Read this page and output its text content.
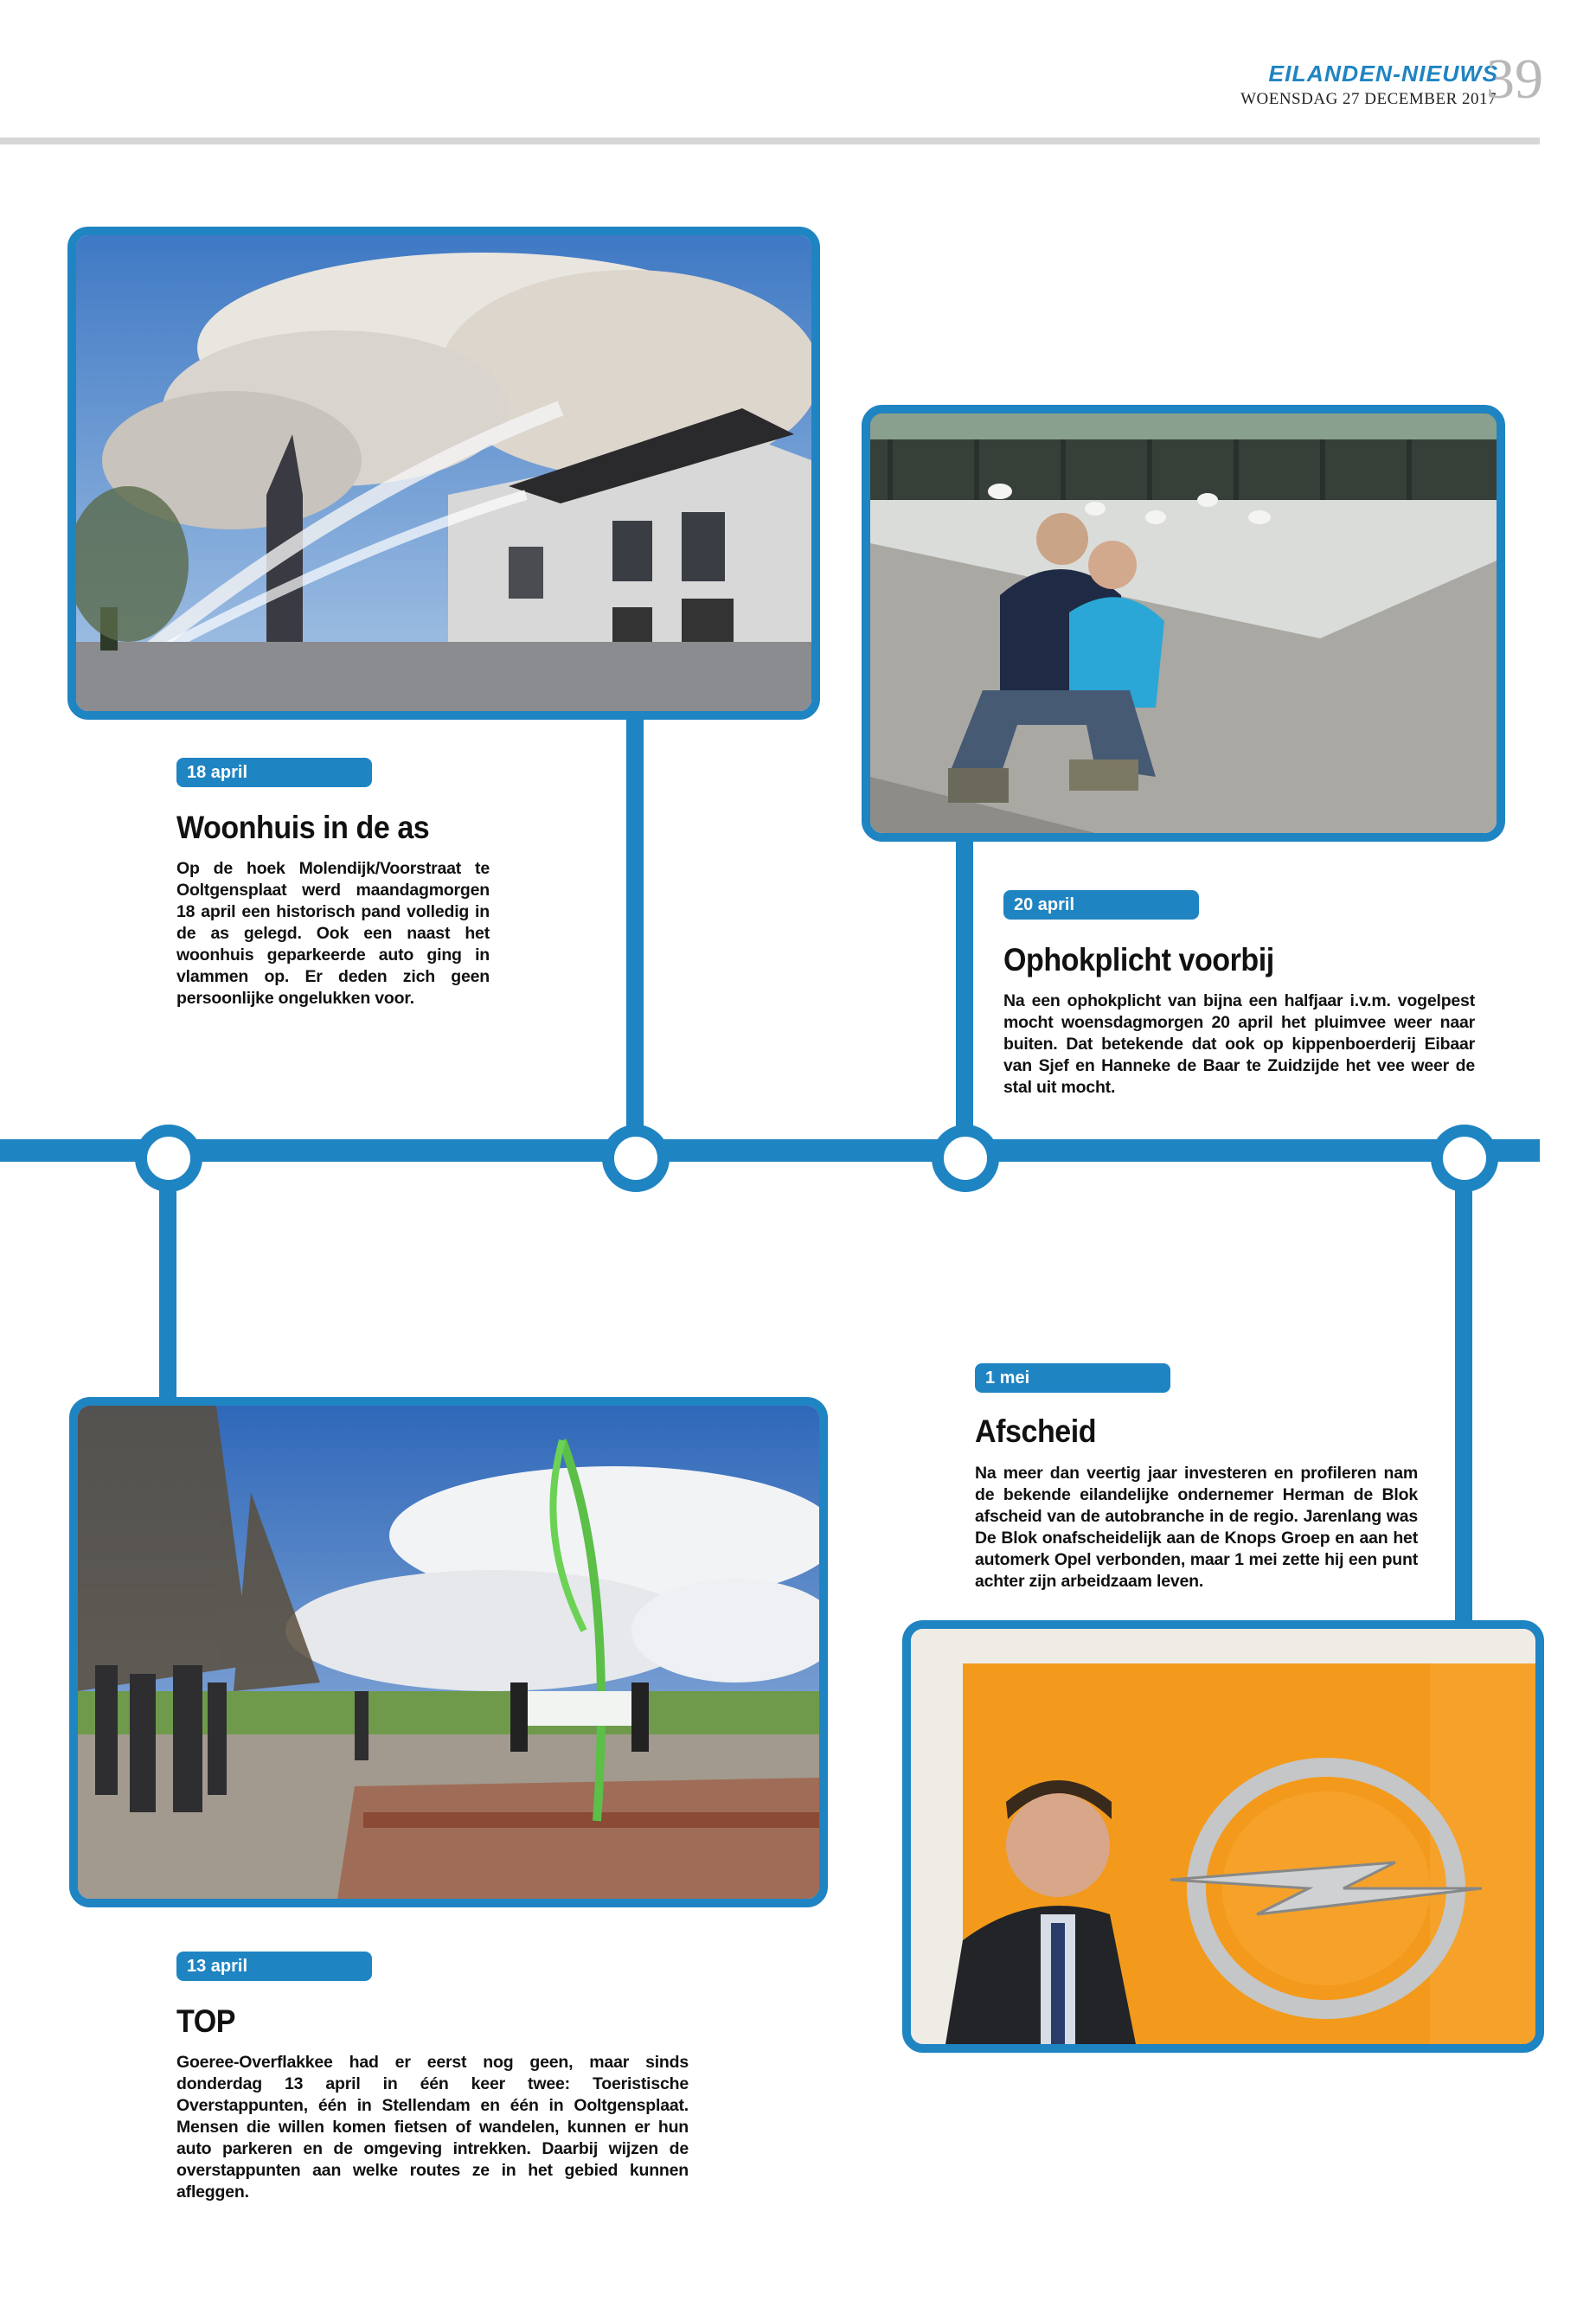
EILANDEN-NIEUWS
WOENSDAG 27 DECEMBER 2017
39
18 april
Woonhuis in de as
Op de hoek Molendijk/Voorstraat te Ooltgensplaat werd maandagmorgen 18 april een historisch pand volledig in de as gelegd. Ook een naast het woonhuis geparkeerde auto ging in vlammen op. Er deden zich geen persoonlijke ongelukken voor.
20 april
Ophokplicht voorbij
Na een ophokplicht van bijna een halfjaar i.v.m. vogelpest mocht woensdagmorgen 20 april het pluimvee weer naar buiten. Dat betekende dat ook op kippenboerderij Eibaar van Sjef en Hanneke de Baar te Zuidzijde het vee weer de stal uit mocht.
1 mei
Afscheid
Na meer dan veertig jaar investeren en profileren nam de bekende eilandelijke ondernemer Herman de Blok afscheid van de autobranche in de regio. Jarenlang was De Blok onafscheidelijk aan de Knops Groep en aan het automerk Opel verbonden, maar 1 mei zette hij een punt achter zijn arbeidzaam leven.
13 april
TOP
Goeree-Overflakkee had er eerst nog geen, maar sinds donderdag 13 april in één keer twee: Toeristische Overstappunten, één in Stellendam en één in Ooltgensplaat. Mensen die willen komen fietsen of wandelen, kunnen er hun auto parkeren en de omgeving intrekken. Daarbij wijzen de overstappunten aan welke routes ze in het gebied kunnen afleggen.
